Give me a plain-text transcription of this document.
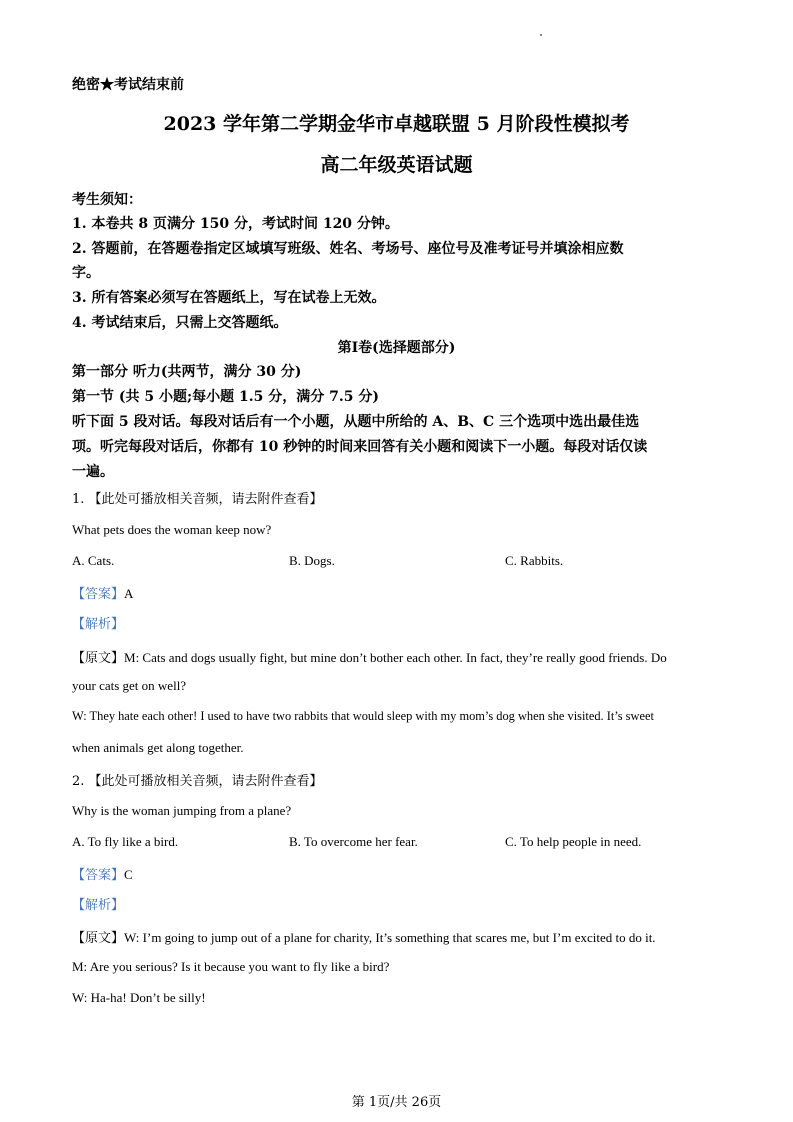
绝密★考试结束前
2023 学年第二学期金华市卓越联盟 5 月阶段性模拟考
高二年级英语试题
考生须知：
1. 本卷共 8 页满分 150 分，考试时间 120 分钟。
2. 答题前，在答题卷指定区域填写班级、姓名、考场号、座位号及准考证号并填涂相应数
字。
3. 所有答案必须写在答题纸上，写在试卷上无效。
4. 考试结束后，只需上交答题纸。
第Ⅰ卷(选择题部分)
第一部分 听力(共两节，满分 30 分)
第一节 (共 5 小题;每小题 1.5 分，满分 7.5 分)
听下面 5 段对话。每段对话后有一个小题，从题中所给的 A、B、C 三个选项中选出最佳选
项。听完每段对话后，你都有 10 秒钟的时间来回答有关小题和阅读下一小题。每段对话仅读
一遍。
1. 【此处可播放相关音频，请去附件查看】
What pets does the woman keep now?
A. Cats.	B. Dogs.	C. Rabbits.
【答案】A
【解析】
【原文】M: Cats and dogs usually fight, but mine don’t bother each other. In fact, they’re really good friends. Do
your cats get on well?
W: They hate each other! I used to have two rabbits that would sleep with my mom’s dog when she visited. It’s sweet
when animals get along together.
2. 【此处可播放相关音频，请去附件查看】
Why is the woman jumping from a plane?
A. To fly like a bird.	B. To overcome her fear.	C. To help people in need.
【答案】C
【解析】
【原文】W: I’m going to jump out of a plane for charity, It’s something that scares me, but I’m excited to do it.
M: Are you serious? Is it because you want to fly like a bird?
W: Ha-ha! Don’t be silly!
第 1页/共 26页
